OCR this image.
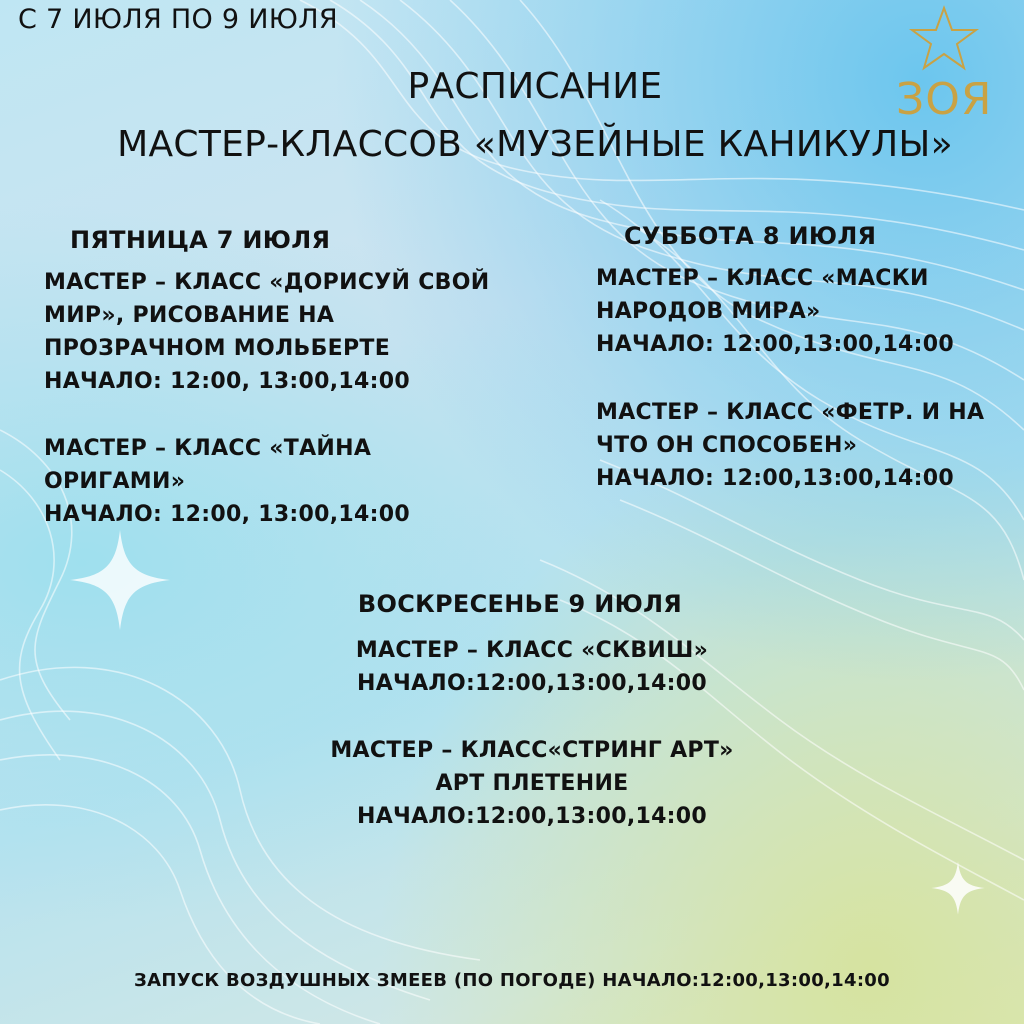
ЗОЯ

С 7 ИЮЛЯ ПО 9 ИЮЛЯ

РАСПИСАНИЕ
МАСТЕР-КЛАССОВ «МУЗЕЙНЫЕ КАНИКУЛЫ»

ПЯТНИЦА 7 ИЮЛЯ

МАСТЕР – КЛАСС «ДОРИСУЙ СВОЙ
МИР», РИСОВАНИЕ НА
ПРОЗРАЧНОМ МОЛЬБЕРТЕ
НАЧАЛО: 12:00, 13:00,14:00
МАСТЕР – КЛАСС «ТАЙНА
ОРИГАМИ»
НАЧАЛО: 12:00, 13:00,14:00

СУББОТА 8 ИЮЛЯ

МАСТЕР – КЛАСС «МАСКИ
НАРОДОВ МИРА»
НАЧАЛО: 12:00,13:00,14:00
МАСТЕР – КЛАСС «ФЕТР. И НА
ЧТО ОН СПОСОБЕН»
НАЧАЛО: 12:00,13:00,14:00

ВОСКРЕСЕНЬЕ 9 ИЮЛЯ

МАСТЕР – КЛАСС «СКВИШ»
НАЧАЛО:12:00,13:00,14:00
МАСТЕР – КЛАСС«СТРИНГ АРТ»
АРТ ПЛЕТЕНИЕ
НАЧАЛО:12:00,13:00,14:00

ЗАПУСК ВОЗДУШНЫХ ЗМЕЕВ (ПО ПОГОДЕ) НАЧАЛО:12:00,13:00,14:00
